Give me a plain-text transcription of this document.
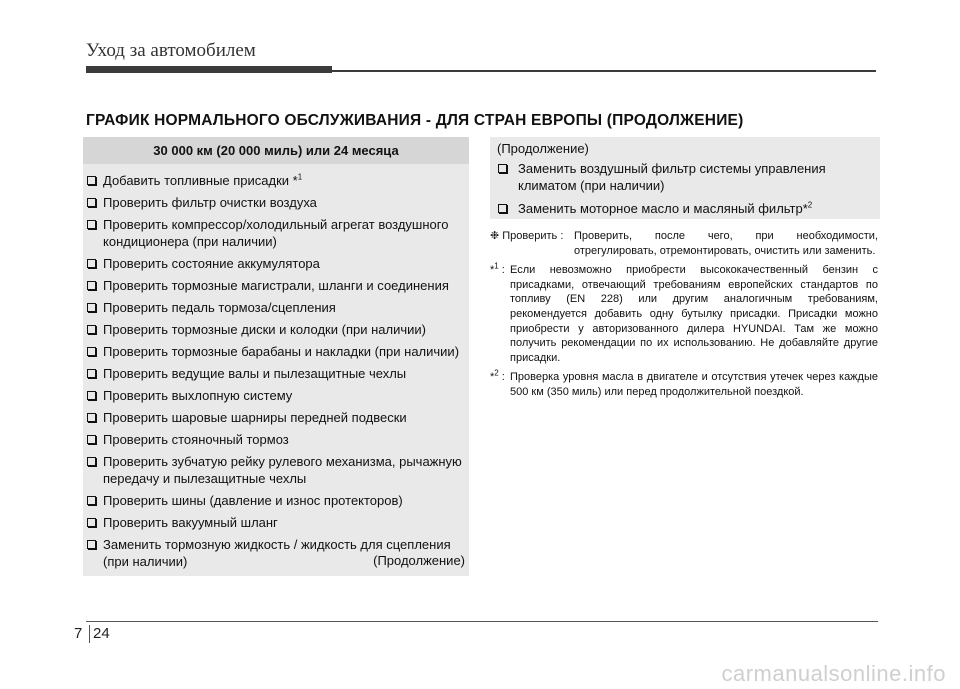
Уход за автомобилем
ГРАФИК НОРМАЛЬНОГО ОБСЛУЖИВАНИЯ - ДЛЯ СТРАН ЕВРОПЫ (ПРОДОЛЖЕНИЕ)
30 000 км (20 000 миль) или 24 месяца
Добавить топливные присадки *$^1$
Проверить фильтр очистки воздуха
Проверить компрессор/холодильный агрегат воздушного кондиционера (при наличии)
Проверить состояние аккумулятора
Проверить тормозные магистрали, шланги и соединения
Проверить педаль тормоза/сцепления
Проверить тормозные диски и колодки (при наличии)
Проверить тормозные барабаны и накладки (при наличии)
Проверить ведущие валы и пылезащитные чехлы
Проверить выхлопную систему
Проверить шаровые шарниры передней подвески
Проверить стояночный тормоз
Проверить зубчатую рейку рулевого механизма, рычажную передачу и пылезащитные чехлы
Проверить шины (давление и износ протекторов)
Проверить вакуумный шланг
Заменить тормозную жидкость / жидкость для сцепления (при наличии)	(Продолжение)
(Продолжение)
Заменить воздушный фильтр системы управления климатом (при наличии)
Заменить моторное масло и масляный фильтр*$^2$
❉ Проверить : Проверить, после чего, при необходимости, отрегулировать, отремонтировать, очистить или заменить.
*$^1$ : Если невозможно приобрести высококачественный бензин с присадками, отвечающий требованиям европейских стандартов по топливу (EN 228) или другим аналогичным требованиям, рекомендуется добавить одну бутылку присадки. Присадки можно приобрести у авторизованного дилера HYUNDAI. Там же можно получить рекомендации по их использованию. Не добавляйте другие присадки.
*$^2$ : Проверка уровня масла в двигателе и отсутствия утечек через каждые 500 км (350 миль) или перед продолжительной поездкой.
7 24
carmanualsonline.info
